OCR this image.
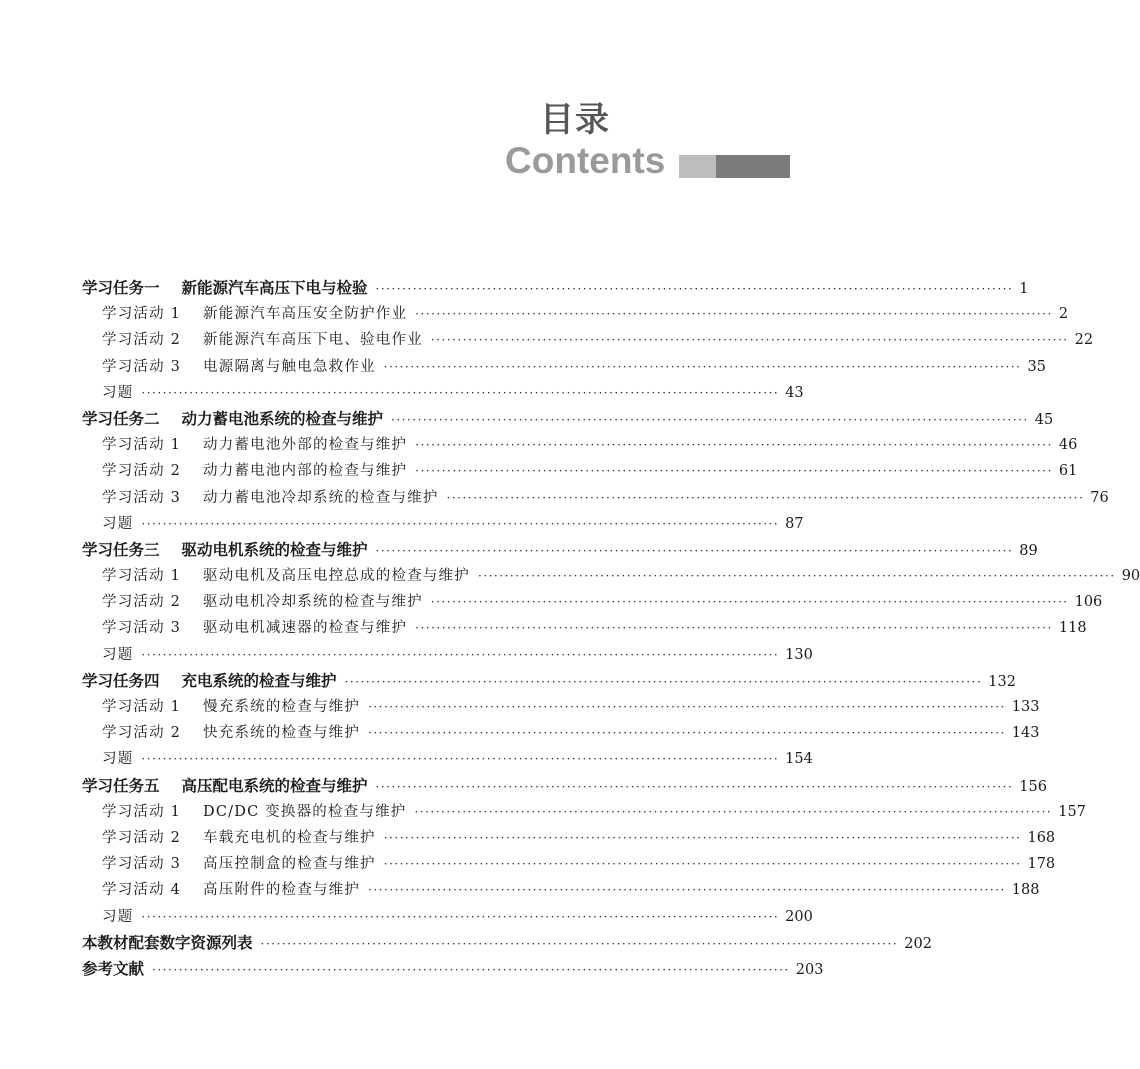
目录
Contents
学习任务一 新能源汽车高压下电与检验 ························································································································ 1
学习活动 1 新能源汽车高压安全防护作业 ························································································································ 2
学习活动 2 新能源汽车高压下电、验电作业 ························································································································ 22
学习活动 3 电源隔离与触电急救作业 ························································································································ 35
习题 ························································································································ 43
学习任务二 动力蓄电池系统的检查与维护 ························································································································ 45
学习活动 1 动力蓄电池外部的检查与维护 ························································································································ 46
学习活动 2 动力蓄电池内部的检查与维护 ························································································································ 61
学习活动 3 动力蓄电池冷却系统的检查与维护 ························································································································ 76
习题 ························································································································ 87
学习任务三 驱动电机系统的检查与维护 ························································································································ 89
学习活动 1 驱动电机及高压电控总成的检查与维护 ························································································································ 90
学习活动 2 驱动电机冷却系统的检查与维护 ························································································································ 106
学习活动 3 驱动电机减速器的检查与维护 ························································································································ 118
习题 ························································································································ 130
学习任务四 充电系统的检查与维护 ························································································································ 132
学习活动 1 慢充系统的检查与维护 ························································································································ 133
学习活动 2 快充系统的检查与维护 ························································································································ 143
习题 ························································································································ 154
学习任务五 高压配电系统的检查与维护 ························································································································ 156
学习活动 1 DC/DC 变换器的检查与维护 ························································································································ 157
学习活动 2 车载充电机的检查与维护 ························································································································ 168
学习活动 3 高压控制盒的检查与维护 ························································································································ 178
学习活动 4 高压附件的检查与维护 ························································································································ 188
习题 ························································································································ 200
本教材配套数字资源列表 ························································································································ 202
参考文献 ························································································································ 203
